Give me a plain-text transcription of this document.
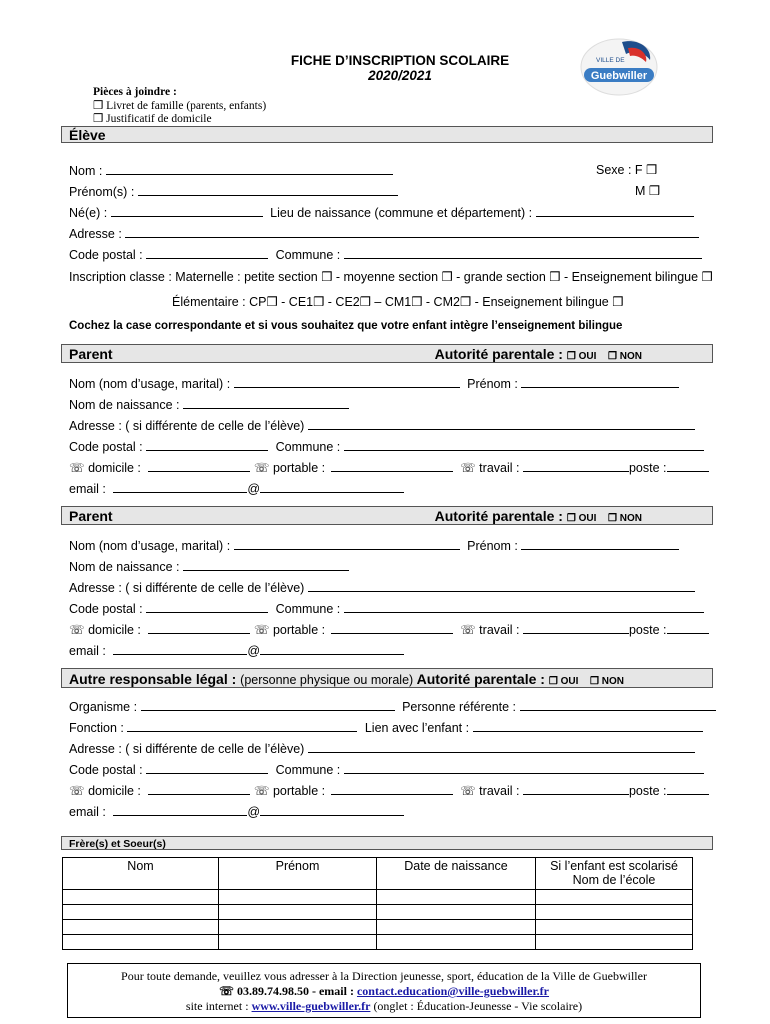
FICHE D’INSCRIPTION SCOLAIRE
2020/2021
VILLE DE
Guebwiller
Pièces à joindre :
❒ Livret de famille (parents, enfants)
❒ Justificatif de domicile
Élève
Nom :	Sexe : F ❒
Prénom(s) :	M ❒
Né(e) :	Lieu de naissance (commune et département) :
Adresse :
Code postal :	Commune :
Inscription classe : Maternelle : petite section ❒ - moyenne section ❒ - grande section ❒ - Enseignement bilingue ❒
Élémentaire : CP❒ - CE1❒ - CE2❒ – CM1❒ - CM2❒ - Enseignement bilingue ❒
Cochez la case correspondante et si vous souhaitez que votre enfant intègre l’enseignement bilingue
Parent	Autorité parentale : ❒ OUI ❒ NON
Nom (nom d’usage, marital) :	Prénom :
Nom de naissance :
Adresse : ( si différente de celle de l’élève)
Code postal :	Commune :
☏ domicile :	☏ portable :	☏ travail :	poste :
email :	@
Parent	Autorité parentale : ❒ OUI ❒ NON
Nom (nom d’usage, marital) :	Prénom :
Nom de naissance :
Adresse : ( si différente de celle de l’élève)
Code postal :	Commune :
☏ domicile :	☏ portable :	☏ travail :	poste :
email :	@
Autre responsable légal : (personne physique ou morale) Autorité parentale : ❒ OUI ❒ NON
Organisme :	Personne référente :
Fonction :	Lien avec l’enfant :
Adresse : ( si différente de celle de l’élève)
Code postal :	Commune :
☏ domicile :	☏ portable :	☏ travail :	poste :
email :	@
Frère(s) et Soeur(s)
Nom	Prénom	Date de naissance	Si l’enfant est scolarisé
Nom de l’école

Pour toute demande, veuillez vous adresser à la Direction jeunesse, sport, éducation de la Ville de Guebwiller
☏ 03.89.74.98.50 - email : contact.education@ville-guebwiller.fr
site internet : www.ville-guebwiller.fr (onglet : Éducation-Jeunesse - Vie scolaire)
